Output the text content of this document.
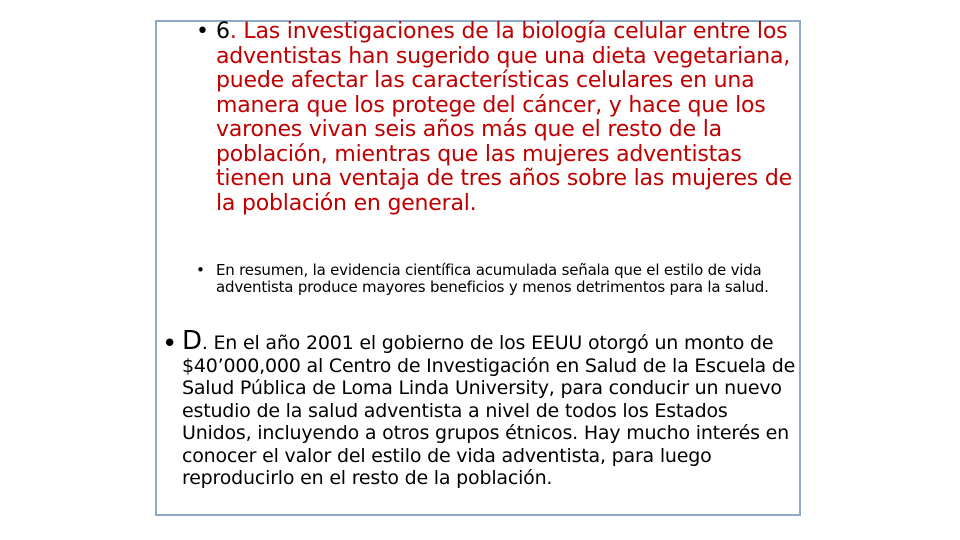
• 6. Las investigaciones de la biología celular entre los adventistas han sugerido que una dieta vegetariana, puede afectar las características celulares en una manera que los protege del cáncer, y hace que los varones vivan seis años más que el resto de la población, mientras que las mujeres adventistas tienen una ventaja de tres años sobre las mujeres de la población en general.
• En resumen, la evidencia científica acumulada señala que el estilo de vida adventista produce mayores beneficios y menos detrimentos para la salud.
• D. En el año 2001 el gobierno de los EEUU otorgó un monto de $40’000,000 al Centro de Investigación en Salud de la Escuela de Salud Pública de Loma Linda University, para conducir un nuevo estudio de la salud adventista a nivel de todos los Estados Unidos, incluyendo a otros grupos étnicos. Hay mucho interés en conocer el valor del estilo de vida adventista, para luego reproducirlo en el resto de la población.
